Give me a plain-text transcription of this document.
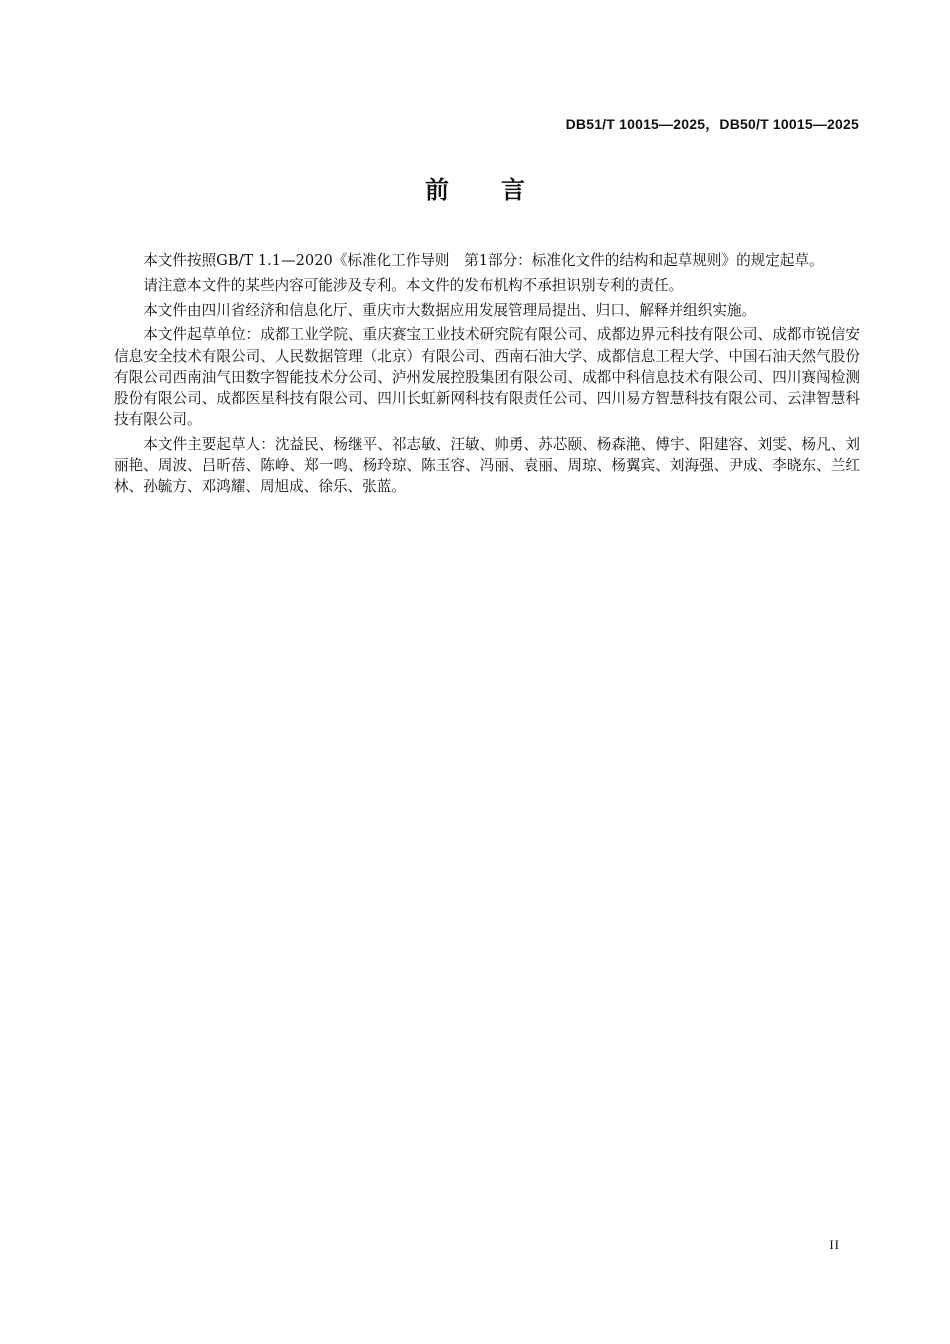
DB51/T 10015—2025，DB50/T 10015—2025
前言

本文件按照GB/T 1.1—2020《标准化工作导则　第1部分：标准化文件的结构和起草规则》的规定起草。

请注意本文件的某些内容可能涉及专利。本文件的发布机构不承担识别专利的责任。

本文件由四川省经济和信息化厅、重庆市大数据应用发展管理局提出、归口、解释并组织实施。

本文件起草单位：成都工业学院、重庆赛宝工业技术研究院有限公司、成都边界元科技有限公司、成都市锐信安信息安全技术有限公司、人民数据管理（北京）有限公司、西南石油大学、成都信息工程大学、中国石油天然气股份有限公司西南油气田数字智能技术分公司、泸州发展控股集团有限公司、成都中科信息技术有限公司、四川赛闯检测股份有限公司、成都医星科技有限公司、四川长虹新网科技有限责任公司、四川易方智慧科技有限公司、云津智慧科技有限公司。

本文件主要起草人：沈益民、杨继平、祁志敏、汪敏、帅勇、苏芯颐、杨森滟、傅宇、阳建容、刘雯、杨凡、刘丽艳、周波、吕昕蓓、陈峥、郑一鸣、杨玲琼、陈玉容、冯丽、袁丽、周琼、杨翼宾、刘海强、尹成、李晓东、兰红林、孙毓方、邓鸿耀、周旭成、徐乐、张蓝。

II
